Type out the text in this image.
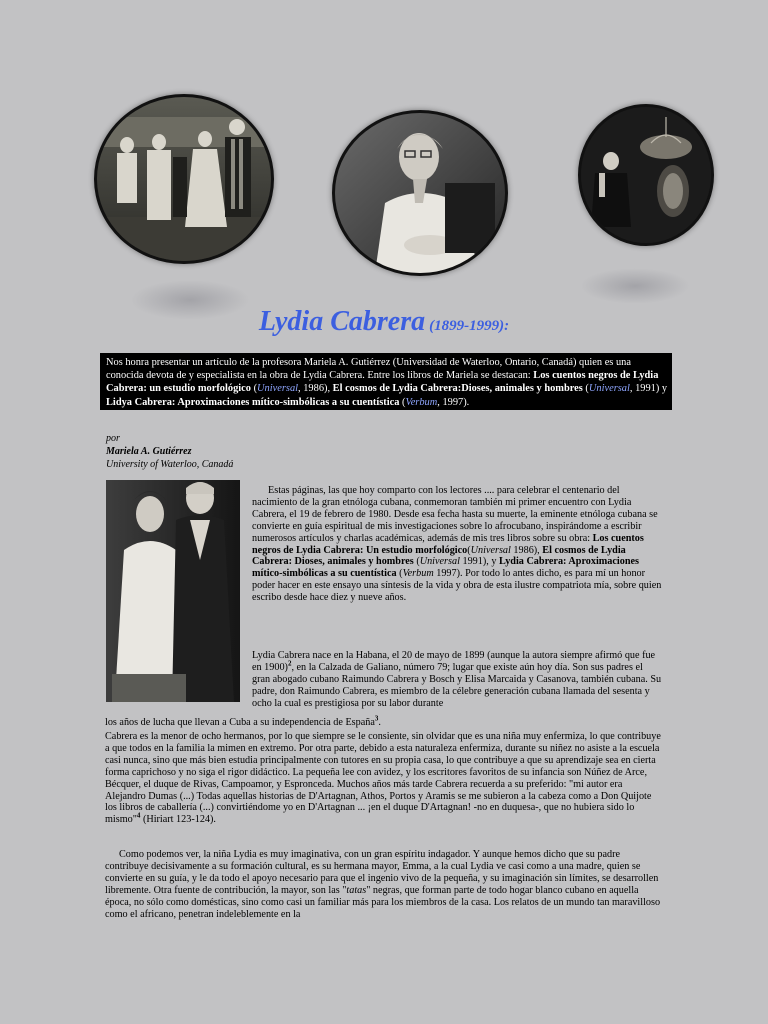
Lydia Cabrera (1899-1999):
Nos honra presentar un artículo de la profesora Mariela A. Gutiérrez (Universidad de Waterloo, Ontario, Canadá) quien es una conocida devota de y especialista en la obra de Lydia Cabrera. Entre los libros de Mariela se destacan: Los cuentos negros de Lydia Cabrera: un estudio morfológico (Universal, 1986), El cosmos de Lydia Cabrera:Dioses, animales y hombres (Universal, 1991) y Lidya Cabrera: Aproximaciones mítico-simbólicas a su cuentística (Verbum, 1997).
por
Mariela A. Gutiérrez
University of Waterloo, Canadá
Estas páginas, las que hoy comparto con los lectores .... para celebrar el centenario del nacimiento de la gran etnóloga cubana, conmemoran también mi primer encuentro con Lydia Cabrera, el 19 de febrero de 1980. Desde esa fecha hasta su muerte, la eminente etnóloga cubana se convierte en guía espiritual de mis investigaciones sobre lo afrocubano, inspirándome a escribir numerosos artículos y charlas académicas, además de mis tres libros sobre su obra: Los cuentos negros de Lydia Cabrera: Un estudio morfológico(Universal 1986), El cosmos de Lydia Cabrera: Dioses, animales y hombres (Universal 1991), y Lydia Cabrera: Aproximaciones mítico-simbólicas a su cuentística (Verbum 1997). Por todo lo antes dicho, es para mí un honor poder hacer en este ensayo una síntesis de la vida y obra de esta ilustre compatriota mía, sobre quien escribo desde hace diez y nueve años.
Lydia Cabrera nace en la Habana, el 20 de mayo de 1899 (aunque la autora siempre afirmó que fue en 1900)$^2$, en la Calzada de Galiano, número 79; lugar que existe aún hoy día. Son sus padres el gran abogado cubano Raimundo Cabrera y Bosch y Elisa Marcaida y Casanova, también cubana. Su padre, don Raimundo Cabrera, es miembro de la célebre generación cubana llamada del sesenta y ocho la cual es prestigiosa por su labor durante
los años de lucha que llevan a Cuba a su independencia de España$^3$.
Cabrera es la menor de ocho hermanos, por lo que siempre se le consiente, sin olvidar que es una niña muy enfermiza, lo que contribuye a que todos en la familia la mimen en extremo. Por otra parte, debido a esta naturaleza enfermiza, durante su niñez no asiste a la escuela casi nunca, sino que más bien estudia principalmente con tutores en su propia casa, lo que contribuye a que su aprendizaje sea en cierta forma caprichoso y no siga el rigor didáctico. La pequeña lee con avidez, y los escritores favoritos de su infancia son Núñez de Arce, Bécquer, el duque de Rivas, Campoamor, y Espronceda. Muchos años más tarde Cabrera recuerda a su preferido: "mi autor era Alejandro Dumas (...) Todas aquellas historias de D'Artagnan, Athos, Portos y Aramis se me subieron a la cabeza como a Don Quijote los libros de caballería (...) convirtiéndome yo en D'Artagnan ... ¡en el duque D'Artagnan! -no en duquesa-, que no hubiera sido lo mismo"$^4$ (Hiriart 123-124).
Como podemos ver, la niña Lydia es muy imaginativa, con un gran espíritu indagador. Y aunque hemos dicho que su padre contribuye decisivamente a su formación cultural, es su hermana mayor, Emma, a la cual Lydia ve casi como a una madre, quien se convierte en su guía, y le da todo el apoyo necesario para que el ingenio vivo de la pequeña, y su imaginación sin límites, se desarrollen libremente. Otra fuente de contribución, la mayor, son las "tatas" negras, que forman parte de todo hogar blanco cubano en aquella época, no sólo como domésticas, sino como casi un familiar más para los miembros de la casa. Los relatos de un mundo tan maravilloso como el africano, penetran indeleblemente en la
